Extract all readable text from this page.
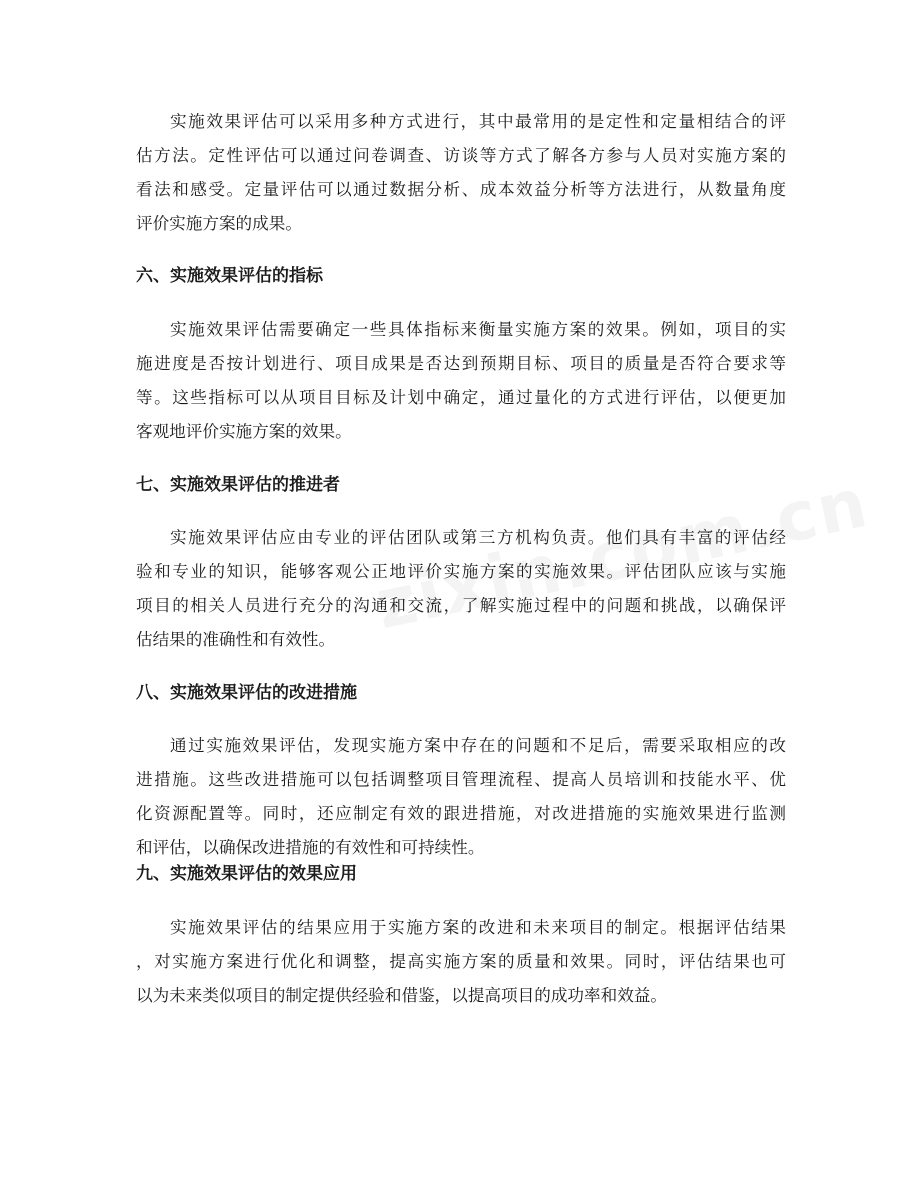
实施效果评估可以采用多种方式进行，其中最常用的是定性和定量相结合的评
估方法。定性评估可以通过问卷调查、访谈等方式了解各方参与人员对实施方案的
看法和感受。定量评估可以通过数据分析、成本效益分析等方法进行，从数量角度
评价实施方案的成果。
六、实施效果评估的指标
实施效果评估需要确定一些具体指标来衡量实施方案的效果。例如，项目的实
施进度是否按计划进行、项目成果是否达到预期目标、项目的质量是否符合要求等
等。这些指标可以从项目目标及计划中确定，通过量化的方式进行评估，以便更加
客观地评价实施方案的效果。
七、实施效果评估的推进者
实施效果评估应由专业的评估团队或第三方机构负责。他们具有丰富的评估经
验和专业的知识，能够客观公正地评价实施方案的实施效果。评估团队应该与实施
项目的相关人员进行充分的沟通和交流，了解实施过程中的问题和挑战，以确保评
估结果的准确性和有效性。
八、实施效果评估的改进措施
通过实施效果评估，发现实施方案中存在的问题和不足后，需要采取相应的改
进措施。这些改进措施可以包括调整项目管理流程、提高人员培训和技能水平、优
化资源配置等。同时，还应制定有效的跟进措施，对改进措施的实施效果进行监测
和评估，以确保改进措施的有效性和可持续性。
九、实施效果评估的效果应用
实施效果评估的结果应用于实施方案的改进和未来项目的制定。根据评估结果
，对实施方案进行优化和调整，提高实施方案的质量和效果。同时，评估结果也可
以为未来类似项目的制定提供经验和借鉴，以提高项目的成功率和效益。
